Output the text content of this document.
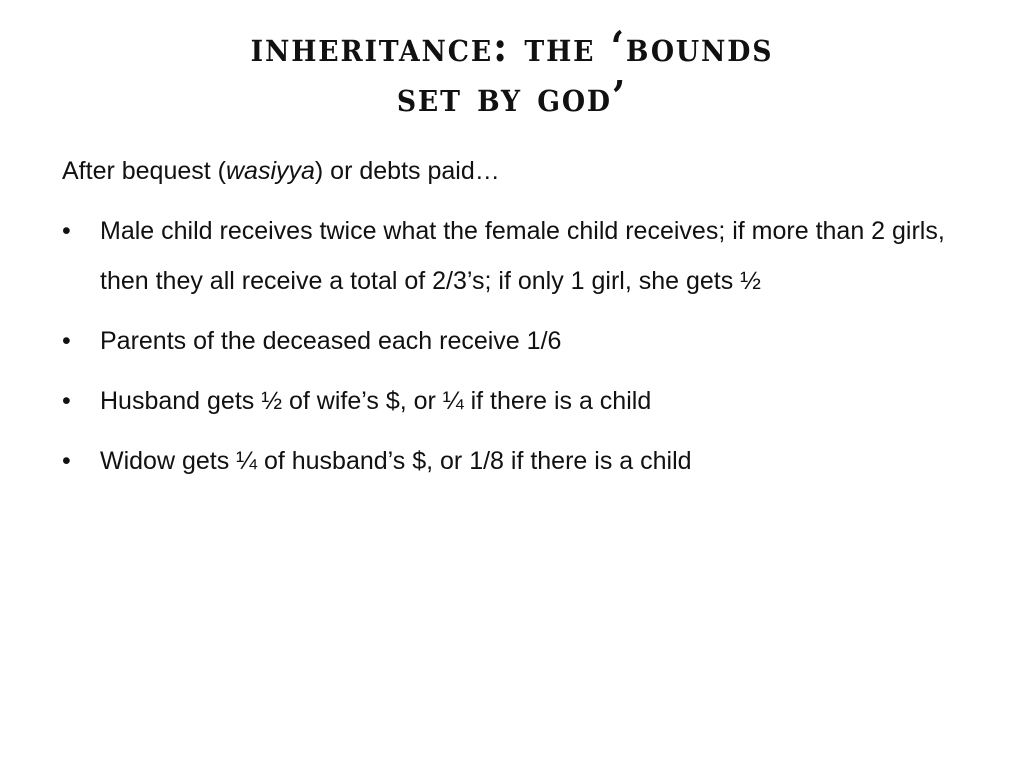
inheritance: the ‘bounds
set by god’

After bequest (wasiyya) or debts paid…

• Male child receives twice what the female child receives; if more than 2 girls, then they all receive a total of 2/3’s; if only 1 girl, she gets ½
• Parents of the deceased each receive 1/6
• Husband gets ½ of wife’s $, or ¼ if there is a child
• Widow gets ¼ of husband’s $, or 1/8 if there is a child
